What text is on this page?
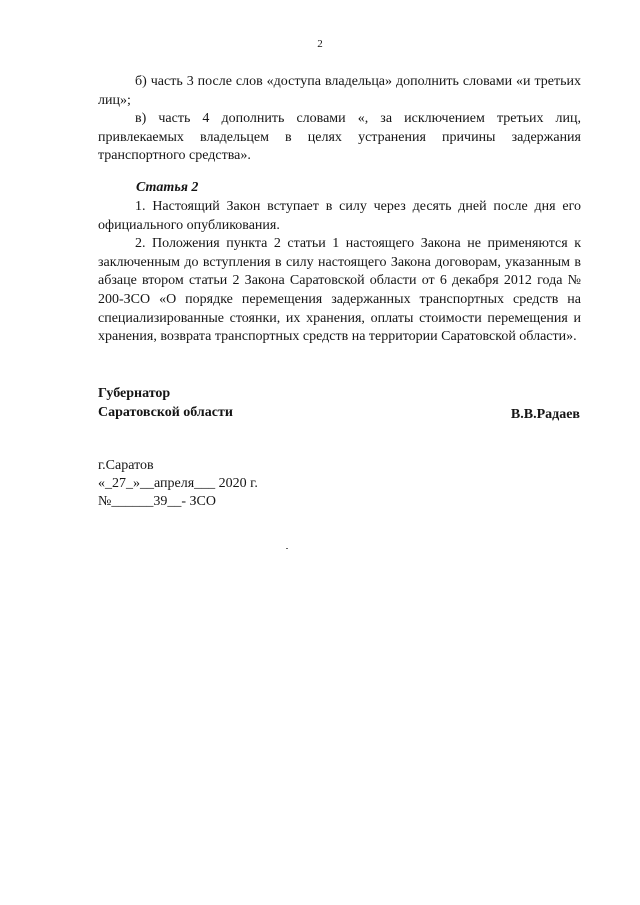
2

б) часть 3 после слов «доступа владельца» дополнить словами «и третьих лиц»;

в) часть 4 дополнить словами «, за исключением третьих лиц, привлекаемых владельцем в целях устранения причины задержания транспортного средства».

Статья 2

1. Настоящий Закон вступает в силу через десять дней после дня его официального опубликования.

2. Положения пункта 2 статьи 1 настоящего Закона не применяются к заключенным до вступления в силу настоящего Закона договорам, указанным в абзаце втором статьи 2 Закона Саратовской области от 6 декабря 2012 года № 200-ЗСО «О порядке перемещения задержанных транспортных средств на специализированные стоянки, их хранения, оплаты стоимости перемещения и хранения, возврата транспортных средств на территории Саратовской области».

Губернатор
Саратовской области	В.В.Радаев
г.Саратов
«_27_»__апреля___ 2020 г.
№______39__- ЗСО
